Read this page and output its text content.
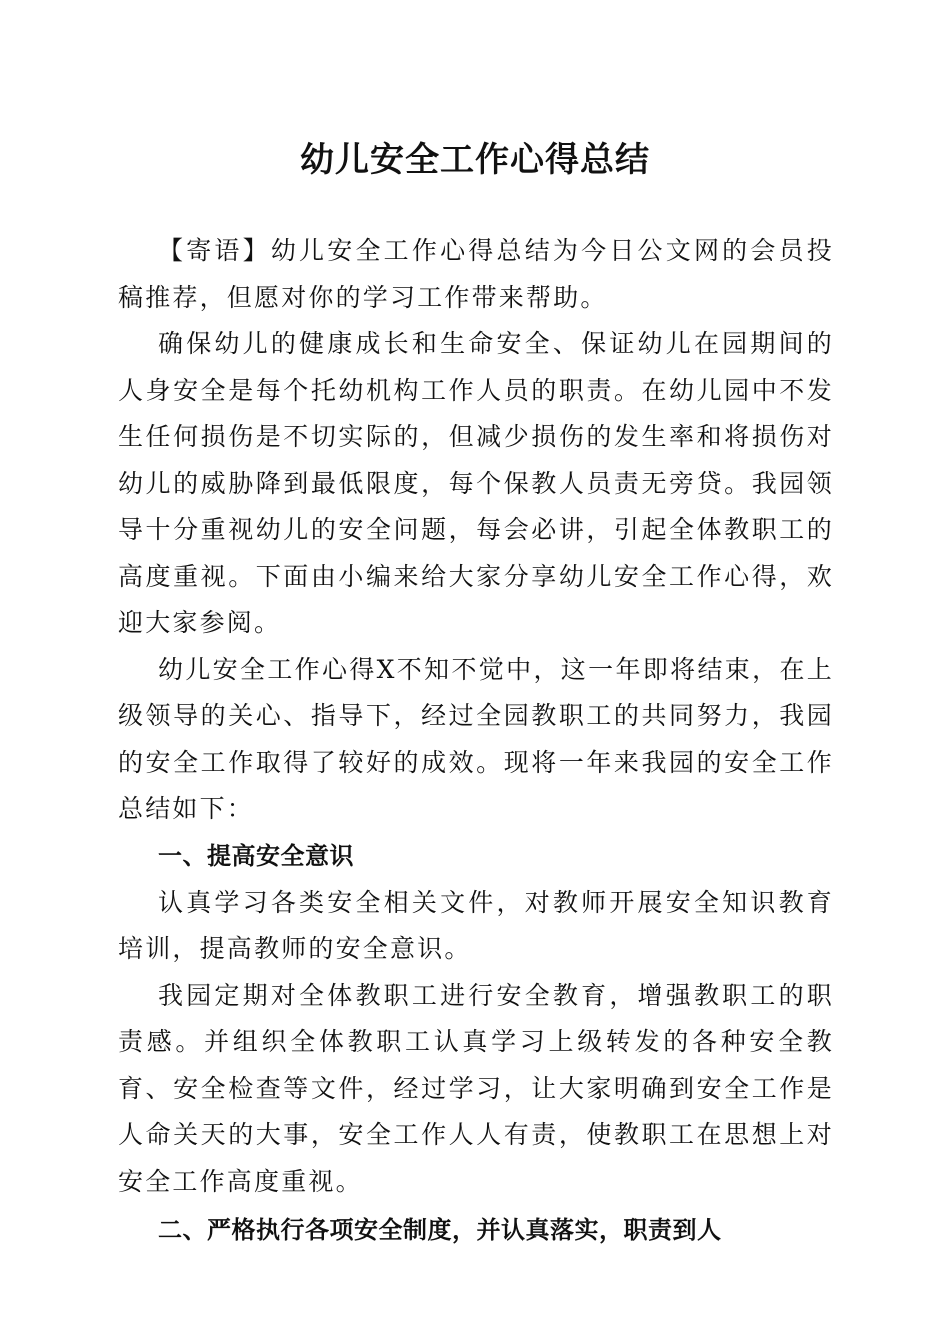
幼儿安全工作心得总结

【寄语】幼儿安全工作心得总结为今日公文网的会员投稿推荐，但愿对你的学习工作带来帮助。

确保幼儿的健康成长和生命安全、保证幼儿在园期间的人身安全是每个托幼机构工作人员的职责。在幼儿园中不发生任何损伤是不切实际的，但减少损伤的发生率和将损伤对幼儿的威胁降到最低限度，每个保教人员责无旁贷。我园领导十分重视幼儿的安全问题，每会必讲，引起全体教职工的高度重视。下面由小编来给大家分享幼儿安全工作心得，欢迎大家参阅。

幼儿安全工作心得X不知不觉中，这一年即将结束，在上级领导的关心、指导下，经过全园教职工的共同努力，我园的安全工作取得了较好的成效。现将一年来我园的安全工作总结如下：

一、提高安全意识

认真学习各类安全相关文件，对教师开展安全知识教育培训，提高教师的安全意识。

我园定期对全体教职工进行安全教育，增强教职工的职责感。并组织全体教职工认真学习上级转发的各种安全教育、安全检查等文件，经过学习，让大家明确到安全工作是人命关天的大事，安全工作人人有责，使教职工在思想上对安全工作高度重视。

二、严格执行各项安全制度，并认真落实，职责到人
